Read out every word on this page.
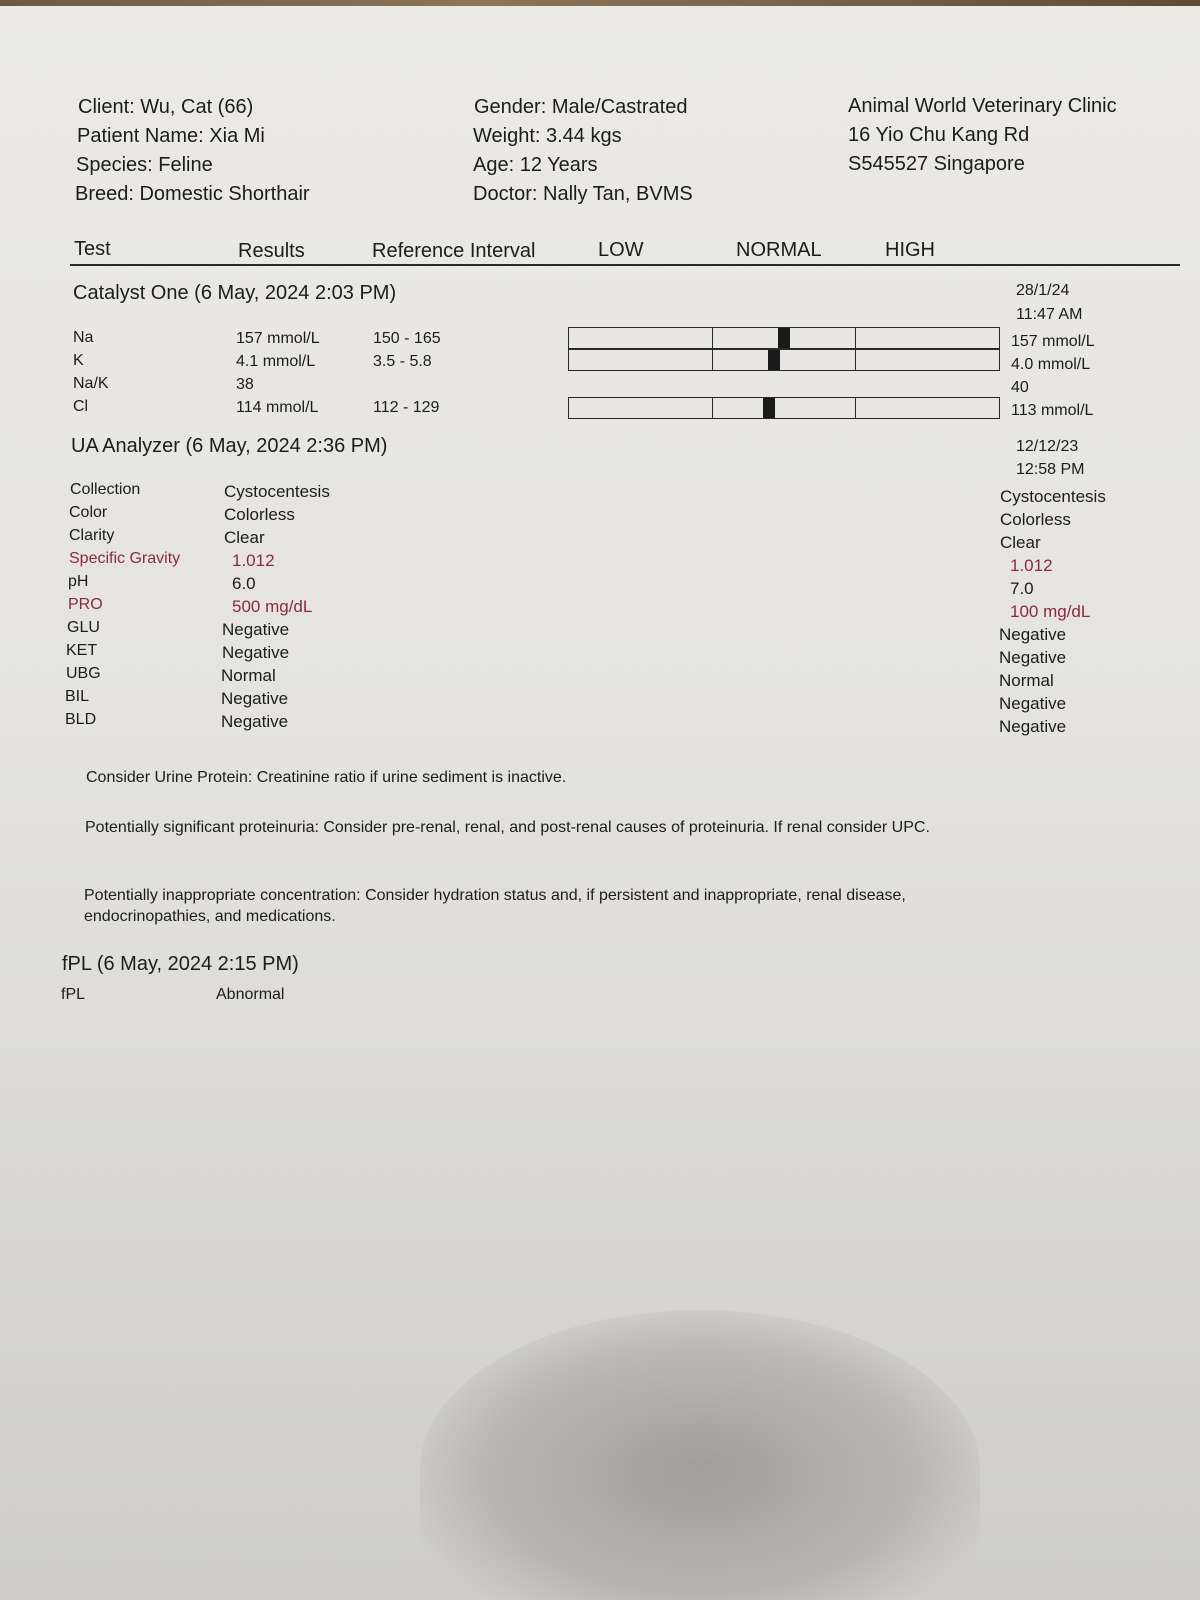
Client: Wu, Cat (66)
Patient Name: Xia Mi
Species: Feline
Breed: Domestic Shorthair
Gender: Male/Castrated
Weight: 3.44 kgs
Age: 12 Years
Doctor: Nally Tan, BVMS
Animal World Veterinary Clinic
16 Yio Chu Kang Rd
S545527 Singapore
Test	Results	Reference Interval	LOW	NORMAL	HIGH
Catalyst One (6 May, 2024 2:03 PM)	28/1/24
11:47 AM
Na	157 mmol/L	150 - 165	157 mmol/L
K	4.1 mmol/L	3.5 - 5.8	4.0 mmol/L
Na/K	38	40
Cl	114 mmol/L	112 - 129	113 mmol/L
UA Analyzer (6 May, 2024 2:36 PM)	12/12/23
12:58 PM
Collection	Cystocentesis	Cystocentesis
Color	Colorless	Colorless
Clarity	Clear	Clear
Specific Gravity	1.012	1.012
pH	6.0	7.0
PRO	500 mg/dL	100 mg/dL
GLU	Negative	Negative
KET	Negative	Negative
UBG	Normal	Normal
BIL	Negative	Negative
BLD	Negative	Negative
Consider Urine Protein: Creatinine ratio if urine sediment is inactive.
Potentially significant proteinuria: Consider pre-renal, renal, and post-renal causes of proteinuria. If renal consider UPC.
Potentially inappropriate concentration: Consider hydration status and, if persistent and inappropriate, renal disease, endocrinopathies, and medications.
fPL (6 May, 2024 2:15 PM)
fPL	Abnormal
